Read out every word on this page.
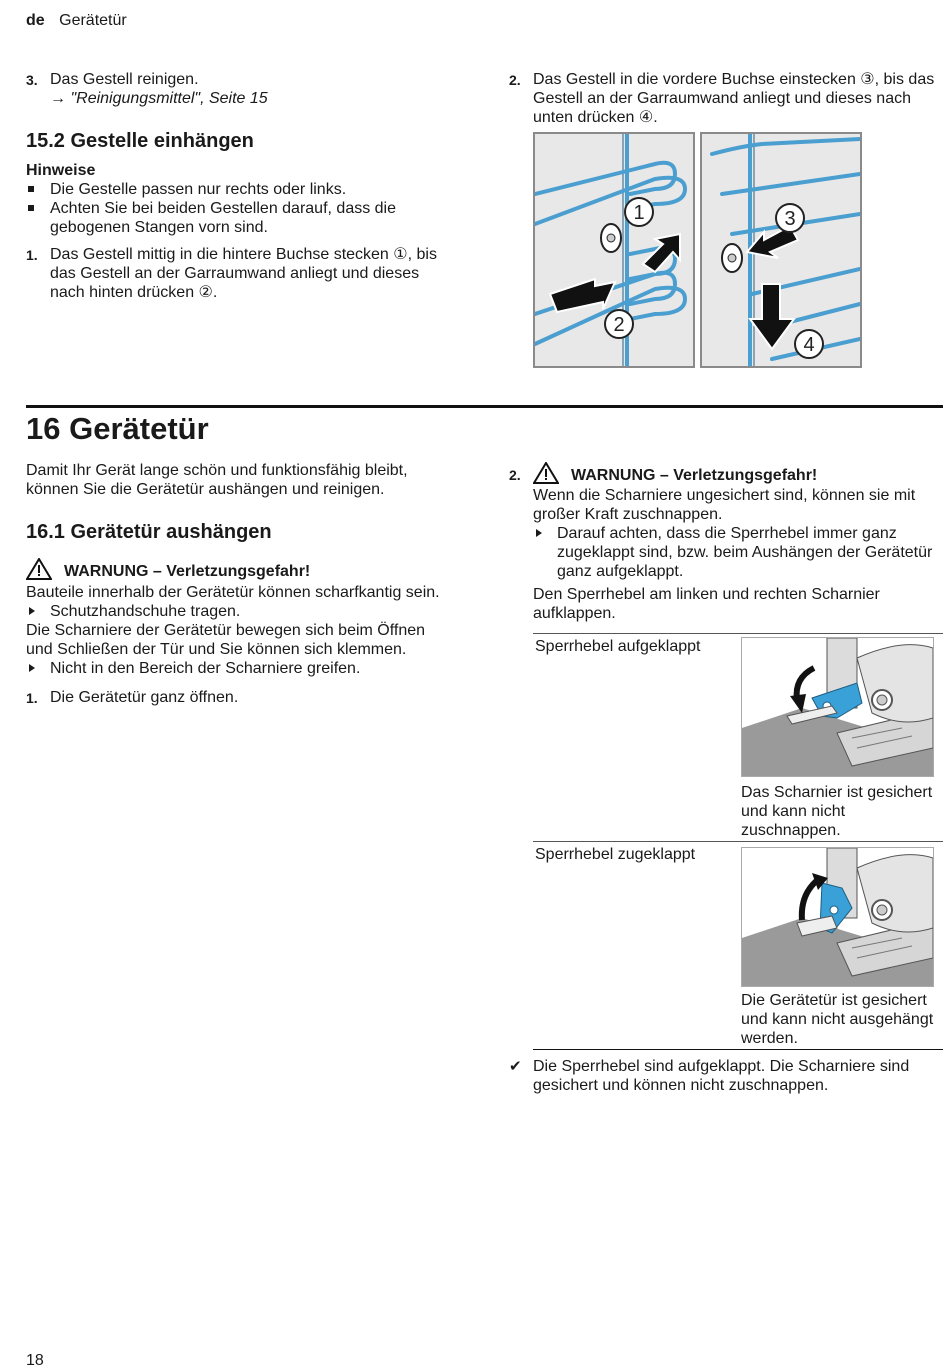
de Gerätetür
3. Das Gestell reinigen.
→ "Reinigungsmittel", Seite 15
15.2 Gestelle einhängen
Hinweise
Die Gestelle passen nur rechts oder links.
Achten Sie bei beiden Gestellen darauf, dass die gebogenen Stangen vorn sind.
1. Das Gestell mittig in die hintere Buchse stecken ①, bis das Gestell an der Garraumwand anliegt und dieses nach hinten drücken ②.
2. Das Gestell in die vordere Buchse einstecken ③, bis das Gestell an der Garraumwand anliegt und dieses nach unten drücken ④.
1
2
3
4
16 Gerätetür
Damit Ihr Gerät lange schön und funktionsfähig bleibt, können Sie die Gerätetür aushängen und reinigen.
16.1 Gerätetür aushängen
WARNUNG – Verletzungsgefahr!
Bauteile innerhalb der Gerätetür können scharfkantig sein.
Schutzhandschuhe tragen.
Die Scharniere der Gerätetür bewegen sich beim Öffnen und Schließen der Tür und Sie können sich klemmen.
Nicht in den Bereich der Scharniere greifen.
1. Die Gerätetür ganz öffnen.
2.	WARNUNG – Verletzungsgefahr!
Wenn die Scharniere ungesichert sind, können sie mit großer Kraft zuschnappen.
Darauf achten, dass die Sperrhebel immer ganz zugeklappt sind, bzw. beim Aushängen der Gerätetür ganz aufgeklappt.
Den Sperrhebel am linken und rechten Scharnier aufklappen.
Sperrhebel aufgeklappt
Das Scharnier ist gesichert und kann nicht zuschnappen.
Sperrhebel zugeklappt
Die Gerätetür ist gesichert und kann nicht ausgehängt werden.
✔ Die Sperrhebel sind aufgeklappt. Die Scharniere sind gesichert und können nicht zuschnappen.
18
